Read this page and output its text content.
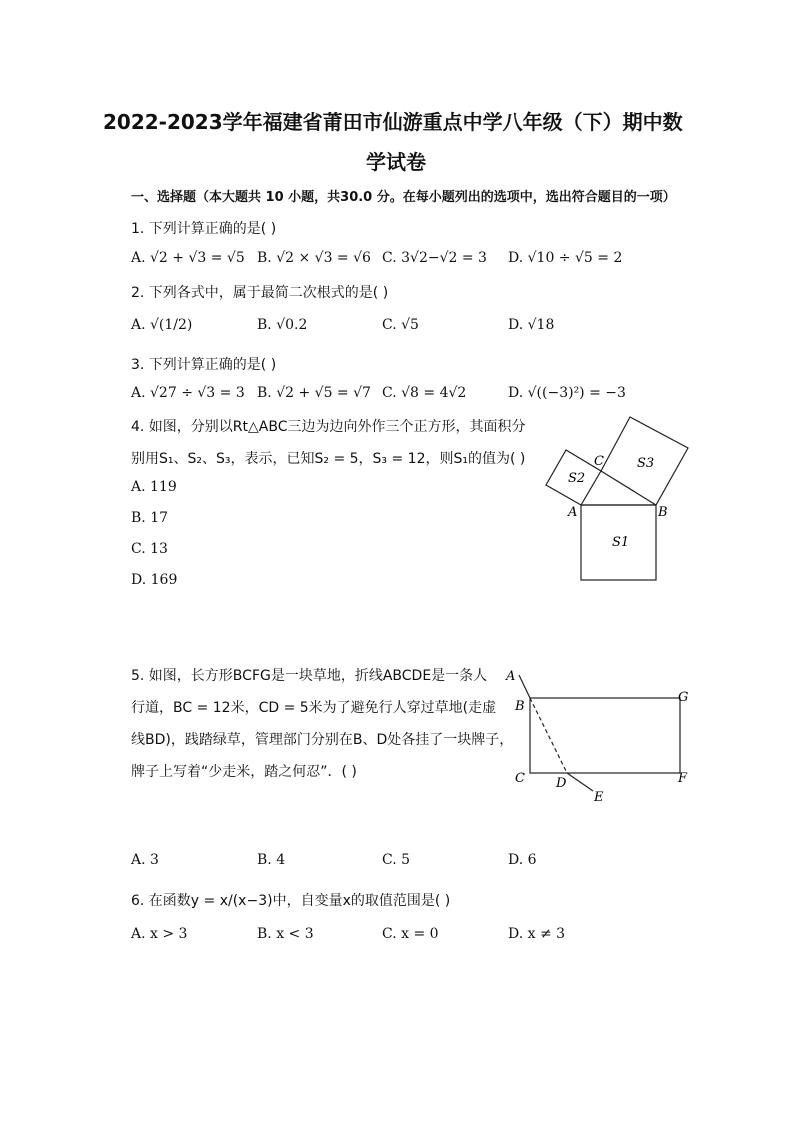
2022-2023学年福建省莆田市仙游重点中学八年级（下）期中数
学试卷
一、选择题（本大题共 10 小题，共30.0 分。在每小题列出的选项中，选出符合题目的一项）
1. 下列计算正确的是( )
A. √2 + √3 = √5 B. √2 × √3 = √6 C. 3√2−√2 = 3 D. √10 ÷ √5 = 2
2. 下列各式中，属于最简二次根式的是( )
A. √(1/2)	B. √0.2	C. √5	D. √18
3. 下列计算正确的是( )
A. √27 ÷ √3 = 3 B. √2 + √5 = √7 C. √8 = 4√2	D. √((−3)²) = −3
4. 如图，分别以Rt△ABC三边为边向外作三个正方形，其面积分
别用S₁、S₂、S₃，表示，已知S₂ = 5，S₃ = 12，则S₁的值为( )
A. 119
B. 17
C. 13
D. 169
C	S3
S2
A	B
S1
5. 如图，长方形BCFG是一块草地，折线ABCDE是一条人
行道，BC = 12米，CD = 5米为了避免行人穿过草地(走虚
线BD)，践踏绿草，管理部门分别在B、D处各挂了一块牌子，
牌子上写着“少走米，踏之何忍”．( )
A. 3	B. 4	C. 5	D. 6
A
B
G
C D	F
E
6. 在函数y = x/(x−3)中，自变量x的取值范围是( )
A. x > 3	B. x < 3	C. x = 0	D. x ≠ 3
